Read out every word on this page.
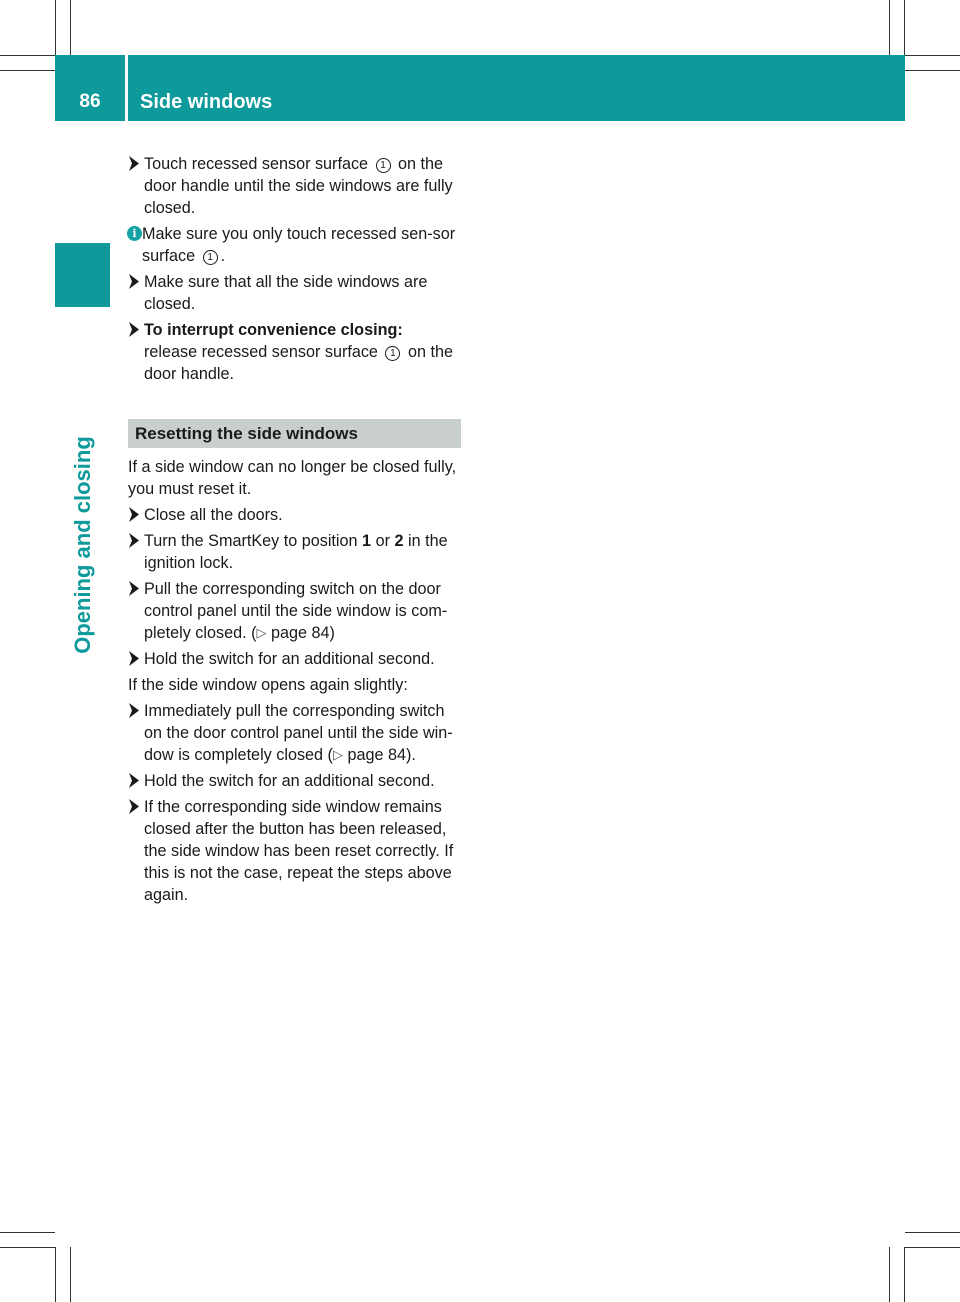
86	Side windows
Opening and closing
Touch recessed sensor surface 1 on the door handle until the side windows are fully closed.
i Make sure you only touch recessed sen-sor surface 1 .
Make sure that all the side windows are closed.
To interrupt convenience closing:
release recessed sensor surface 1 on the door handle.
Resetting the side windows
If a side window can no longer be closed fully, you must reset it.
Close all the doors.
Turn the SmartKey to position 1 or 2 in the ignition lock.
Pull the corresponding switch on the door control panel until the side window is com-pletely closed. (▷ page 84)
Hold the switch for an additional second.
If the side window opens again slightly:
Immediately pull the corresponding switch on the door control panel until the side win-dow is completely closed (▷ page 84).
Hold the switch for an additional second.
If the corresponding side window remains closed after the button has been released, the side window has been reset correctly. If this is not the case, repeat the steps above again.
